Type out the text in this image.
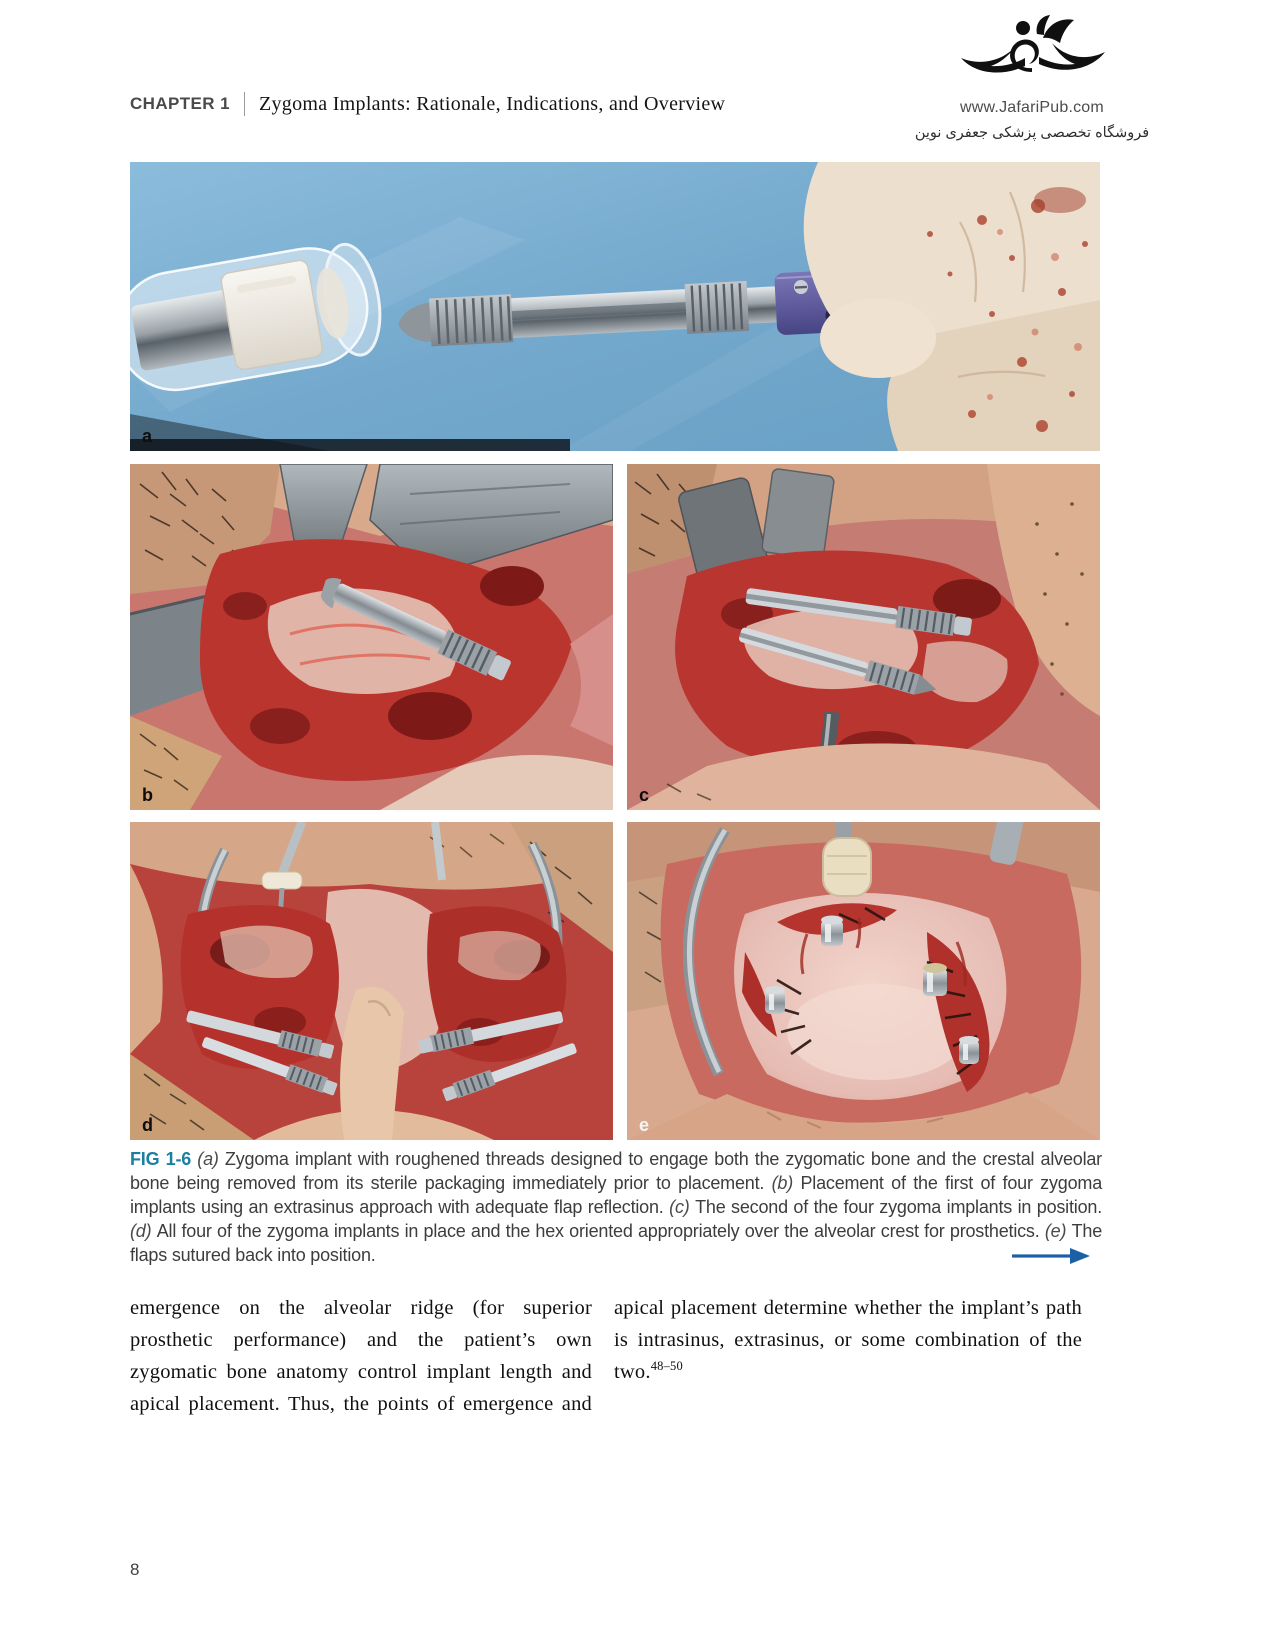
www.JafariPub.com
فروشگاه تخصصی پزشکی جعفری نوین
CHAPTER 1 Zygoma Implants: Rationale, Indications, and Overview
a
b	c
d	e
FIG 1-6 (a) Zygoma implant with roughened threads designed to engage both the zygomatic bone and the crestal alveolar bone being removed from its sterile packaging immediately prior to placement. (b) Placement of the first of four zygoma implants using an extrasinus approach with adequate flap reflection. (c) The second of the four zygoma implants in position. (d) All four of the zygoma implants in place and the hex oriented appropriately over the alveolar crest for prosthetics. (e) The flaps sutured back into position.
emergence on the alveolar ridge (for superior prosthetic performance) and the patient’s own zygomatic bone anatomy control implant length and apical placement. Thus, the points of emergence and
apical placement determine whether the implant’s path is intrasinus, extrasinus, or some combination of the two.$^{48-50}$
8
